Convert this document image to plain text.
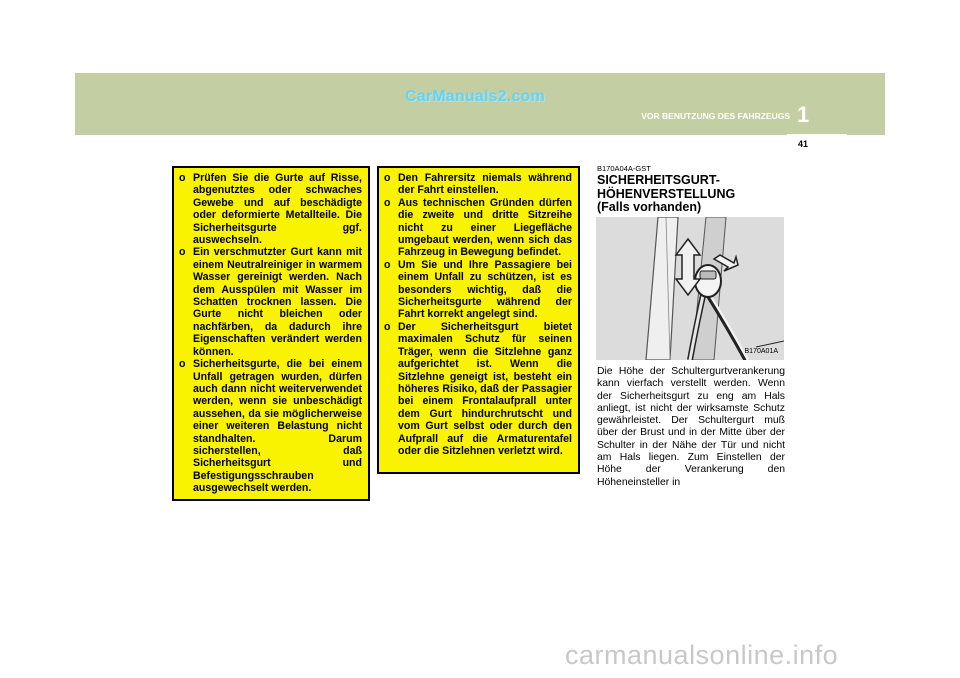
CarManuals2.com
VOR BENUTZUNG DES FAHRZEUGS 1
41
o Prüfen Sie die Gurte auf Risse, abgenutztes oder schwaches Gewebe und auf beschädigte oder deformierte Metallteile. Die Sicherheitsgurte ggf. auswechseln.
o Ein verschmutzter Gurt kann mit einem Neutralreiniger in warmem Wasser gereinigt werden. Nach dem Ausspülen mit Wasser im Schatten trocknen lassen. Die Gurte nicht bleichen oder nachfärben, da dadurch ihre Eigenschaften verändert werden können.
o Sicherheitsgurte, die bei einem Unfall getragen wurden, dürfen auch dann nicht weiterverwendet werden, wenn sie unbeschädigt aussehen, da sie möglicherweise einer weiteren Belastung nicht standhalten. Darum sicherstellen, daß Sicherheitsgurt und Befestigungsschrauben ausgewechselt werden.
o Den Fahrersitz niemals während der Fahrt einstellen.
o Aus technischen Gründen dürfen die zweite und dritte Sitzreihe nicht zu einer Liegefläche umgebaut werden, wenn sich das Fahrzeug in Bewegung befindet.
o Um Sie und Ihre Passagiere bei einem Unfall zu schützen, ist es besonders wichtig, daß die Sicherheitsgurte während der Fahrt korrekt angelegt sind.
o Der Sicherheitsgurt bietet maximalen Schutz für seinen Träger, wenn die Sitzlehne ganz aufgerichtet ist. Wenn die Sitzlehne geneigt ist, besteht ein höheres Risiko, daß der Passagier bei einem Frontalaufprall unter dem Gurt hindurchrutscht und vom Gurt selbst oder durch den Aufprall auf die Armaturentafel oder die Sitzlehnen verletzt wird.
B170A04A-GST
SICHERHEITSGURT-
HÖHENVERSTELLUNG
(Falls vorhanden)
B170A01A
Die Höhe der Schultergurtverankerung kann vierfach verstellt werden. Wenn der Sicherheitsgurt zu eng am Hals anliegt, ist nicht der wirksamste Schutz gewährleistet. Der Schultergurt muß über der Brust und in der Mitte über der Schulter in der Nähe der Tür und nicht am Hals liegen. Zum Einstellen der Höhe der Verankerung den Höheneinsteller in
carmanualsonline.info
